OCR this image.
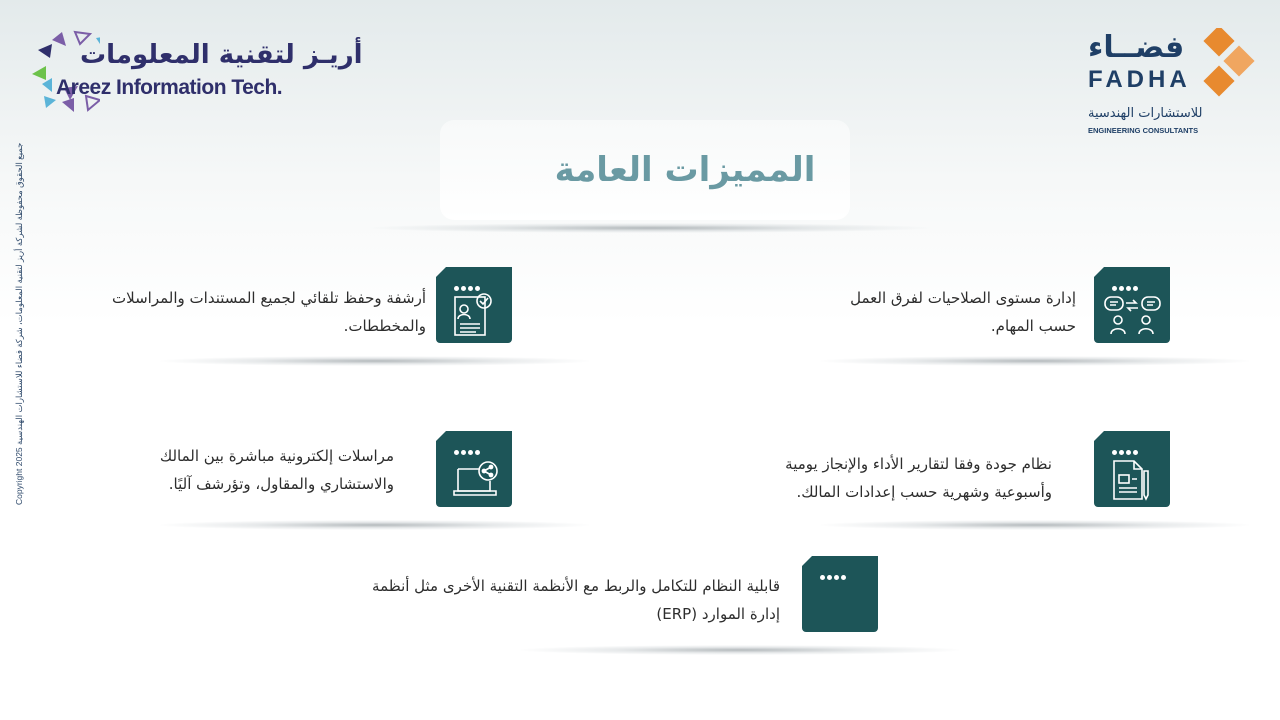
أريـز لتقنية المعلومات
Areez Information Tech.
فضــاء
FADHA
للاستشارات الهندسية
ENGINEERING CONSULTANTS
Copyright 2025 جميع الحقوق محفوظة لشركة أريز لتقنية المعلومات، شركة فضاء للاستشارات الهندسية	المميزات العامة
إدارة مستوى الصلاحيات لفرق العمل حسب المهام.
أرشفة وحفظ تلقائي لجميع المستندات والمراسلات والمخططات.
نظام جودة وفقا لتقارير الأداء والإنجاز يومية وأسبوعية وشهرية حسب إعدادات المالك.
مراسلات إلكترونية مباشرة بين المالك والاستشاري والمقاول، وتؤرشف آليًا.
قابلية النظام للتكامل والربط مع الأنظمة التقنية الأخرى مثل أنظمة إدارة الموارد (ERP)
